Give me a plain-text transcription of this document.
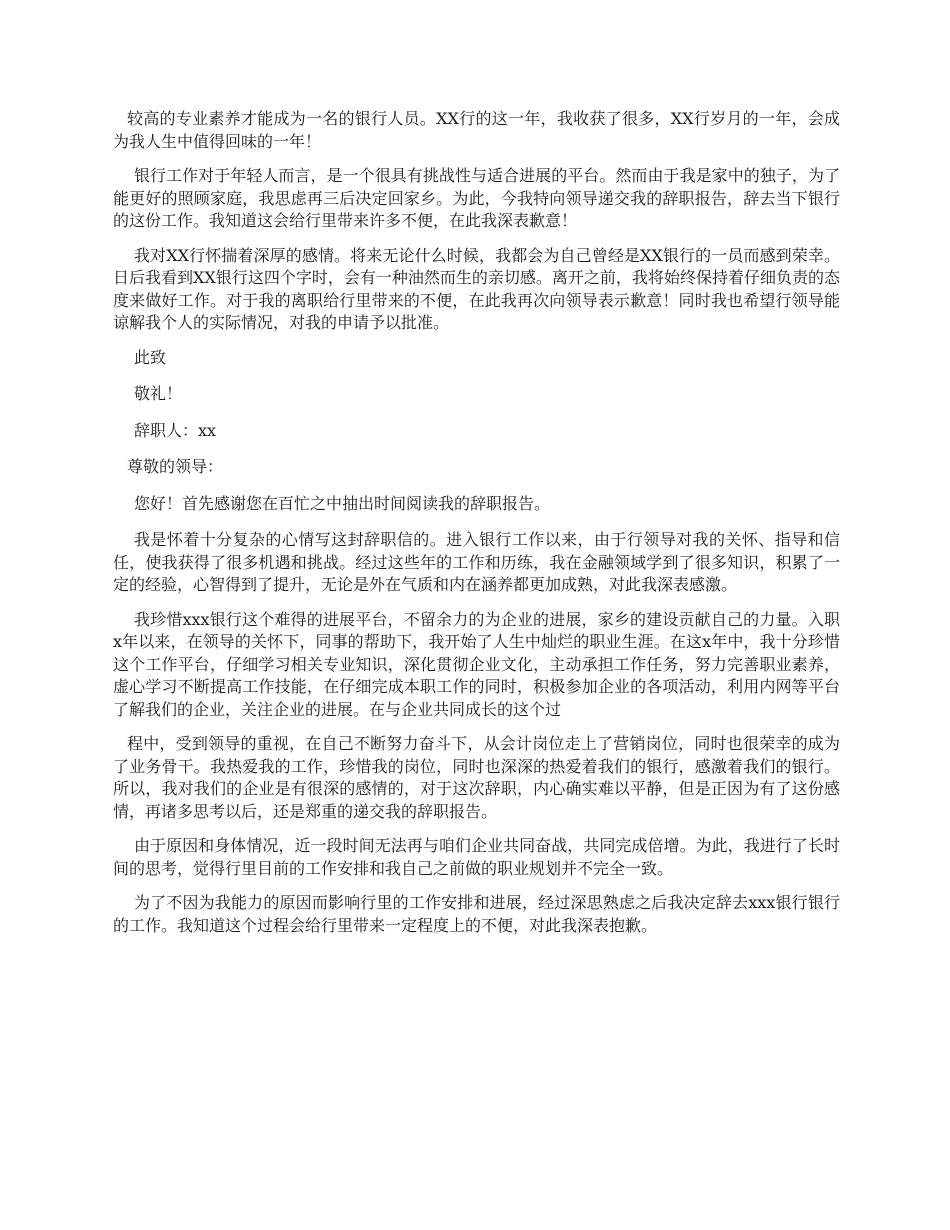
较高的专业素养才能成为一名的银行人员。XX行的这一年，我收获了很多，XX行岁月的一年，会成为我人生中值得回味的一年！

银行工作对于年轻人而言，是一个很具有挑战性与适合进展的平台。然而由于我是家中的独子，为了能更好的照顾家庭，我思虑再三后决定回家乡。为此，今我特向领导递交我的辞职报告，辞去当下银行的这份工作。我知道这会给行里带来许多不便，在此我深表歉意！

我对XX行怀揣着深厚的感情。将来无论什么时候，我都会为自己曾经是XX银行的一员而感到荣幸。日后我看到XX银行这四个字时，会有一种油然而生的亲切感。离开之前，我将始终保持着仔细负责的态度来做好工作。对于我的离职给行里带来的不便，在此我再次向领导表示歉意！同时我也希望行领导能谅解我个人的实际情况，对我的申请予以批准。

此致

敬礼！

辞职人：xx

尊敬的领导：

您好！首先感谢您在百忙之中抽出时间阅读我的辞职报告。

我是怀着十分复杂的心情写这封辞职信的。进入银行工作以来，由于行领导对我的关怀、指导和信任，使我获得了很多机遇和挑战。经过这些年的工作和历练，我在金融领域学到了很多知识，积累了一定的经验，心智得到了提升，无论是外在气质和内在涵养都更加成熟，对此我深表感激。

我珍惜xxx银行这个难得的进展平台，不留余力的为企业的进展，家乡的建设贡献自己的力量。入职x年以来，在领导的关怀下，同事的帮助下，我开始了人生中灿烂的职业生涯。在这x年中，我十分珍惜这个工作平台，仔细学习相关专业知识，深化贯彻企业文化，主动承担工作任务，努力完善职业素养，虚心学习不断提高工作技能，在仔细完成本职工作的同时，积极参加企业的各项活动，利用内网等平台了解我们的企业，关注企业的进展。在与企业共同成长的这个过

程中，受到领导的重视，在自己不断努力奋斗下，从会计岗位走上了营销岗位，同时也很荣幸的成为了业务骨干。我热爱我的工作，珍惜我的岗位，同时也深深的热爱着我们的银行，感激着我们的银行。所以，我对我们的企业是有很深的感情的，对于这次辞职，内心确实难以平静，但是正因为有了这份感情，再诸多思考以后，还是郑重的递交我的辞职报告。

由于原因和身体情况，近一段时间无法再与咱们企业共同奋战，共同完成倍增。为此，我进行了长时间的思考，觉得行里目前的工作安排和我自己之前做的职业规划并不完全一致。

为了不因为我能力的原因而影响行里的工作安排和进展，经过深思熟虑之后我决定辞去xxx银行银行的工作。我知道这个过程会给行里带来一定程度上的不便，对此我深表抱歉。
